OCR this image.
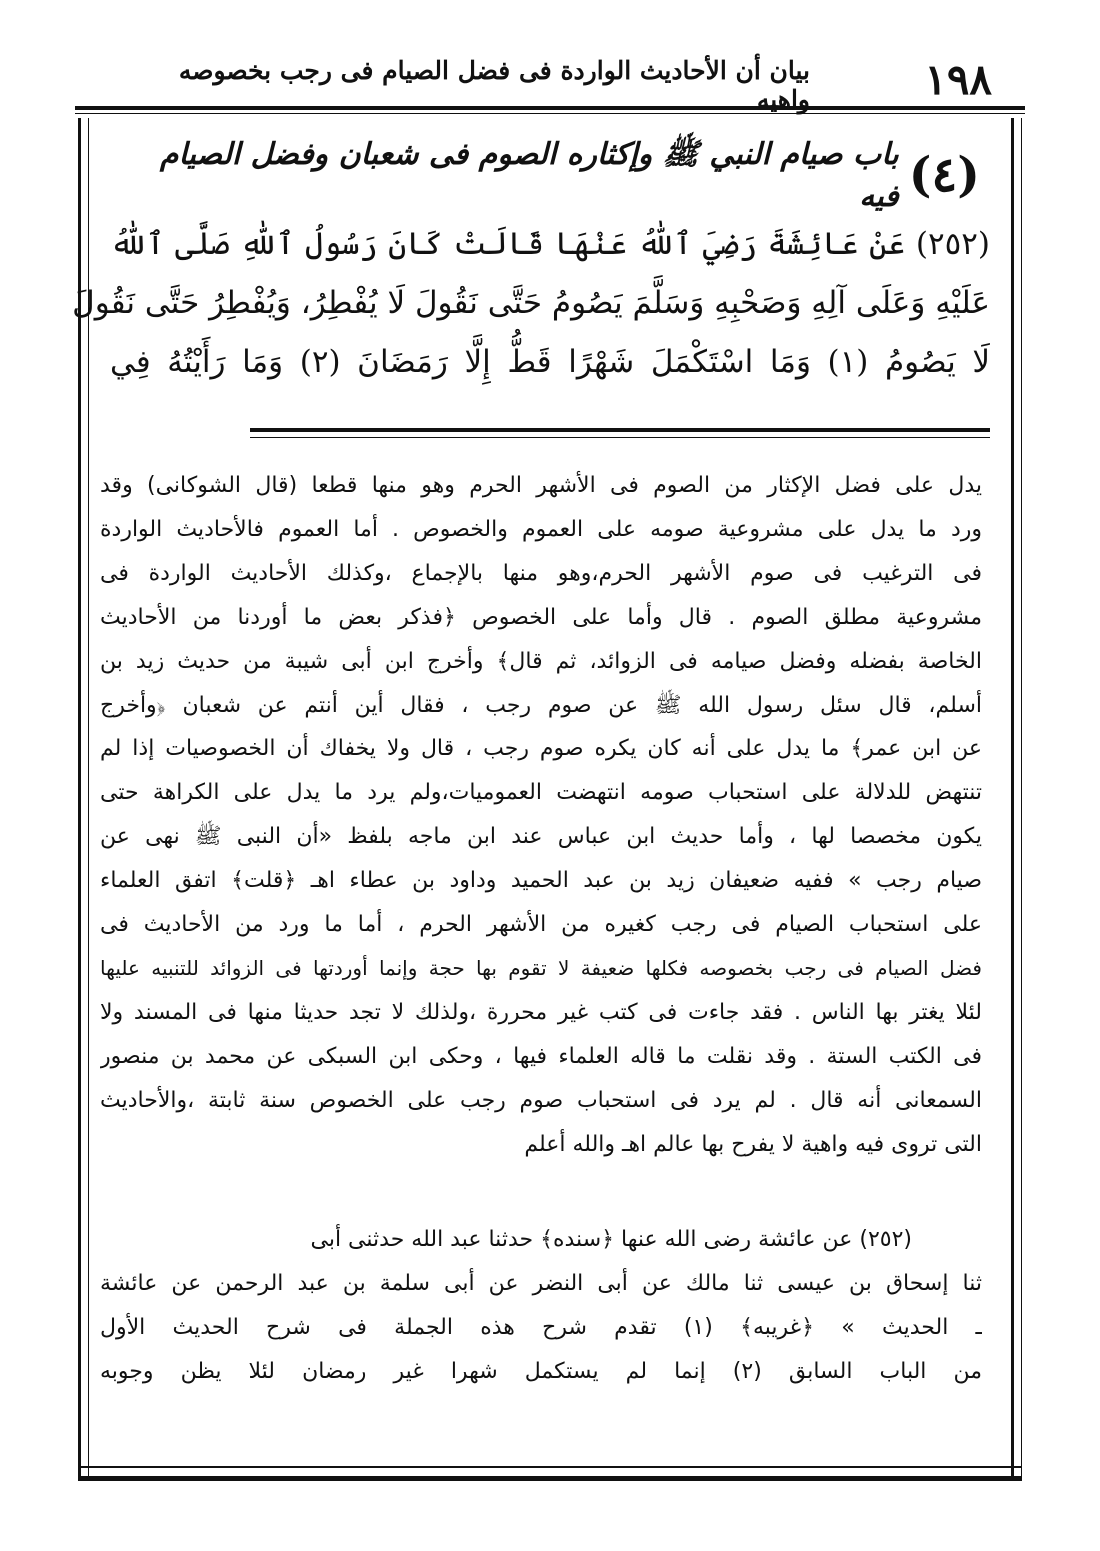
١٩٨
بيان أن الأحاديث الواردة فى فضل الصيام فى رجب بخصوصه واهيه
(٤)
باب صيام النبي ﷺ وإكثاره الصوم فى شعبان وفضل الصيام فيه

(٢٥٢) عَنْ عَائِشَةَ رَضِيَ ٱللّٰهُ عَنْهَا قَالَتْ كَانَ رَسُولُ ٱللّٰهِ صَلَّى ٱللّٰهُ

عَلَيْهِ وَعَلَى آلِهِ وَصَحْبِهِ وَسَلَّمَ يَصُومُ حَتَّى نَقُولَ لَا يُفْطِرُ، وَيُفْطِرُ حَتَّى نَقُولَ

لَا يَصُومُ (١) وَمَا اسْتَكْمَلَ شَهْرًا قَطُّ إِلَّا رَمَضَانَ (٢) وَمَا رَأَيْتُهُ فِي

يدل على فضل الإكثار من الصوم فى الأشهر الحرم وهو منها قطعا (قال الشوكانى) وقد

ورد ما يدل على مشروعية صومه على العموم والخصوص . أما العموم فالأحاديث الواردة

فى الترغيب فى صوم الأشهر الحرم،وهو منها بالإجماع ،وكذلك الأحاديث الواردة فى

مشروعية مطلق الصوم . قال وأما على الخصوص ﴿فذكر بعض ما أوردنا من الأحاديث

الخاصة بفضله وفضل صيامه فى الزوائد، ثم قال﴾ وأخرج ابن أبى شيبة من حديث زيد بن

أسلم، قال سئل رسول الله ﷺ عن صوم رجب ، فقال أين أنتم عن شعبان ﴿وأخرج

عن ابن عمر﴾ ما يدل على أنه كان يكره صوم رجب ، قال ولا يخفاك أن الخصوصيات إذا لم

تنتهض للدلالة على استحباب صومه انتهضت العموميات،ولم يرد ما يدل على الكراهة حتى

يكون مخصصا لها ، وأما حديث ابن عباس عند ابن ماجه بلفظ «أن النبى ﷺ نهى عن

صيام رجب » ففيه ضعيفان زيد بن عبد الحميد وداود بن عطاء اهـ ﴿قلت﴾ اتفق العلماء

على استحباب الصيام فى رجب كغيره من الأشهر الحرم ، أما ما ورد من الأحاديث فى

فضل الصيام فى رجب بخصوصه فكلها ضعيفة لا تقوم بها حجة وإنما أوردتها فى الزوائد للتنبيه عليها

لئلا يغتر بها الناس . فقد جاءت فى كتب غير محررة ،ولذلك لا تجد حديثا منها فى المسند ولا

فى الكتب الستة . وقد نقلت ما قاله العلماء فيها ، وحكى ابن السبكى عن محمد بن منصور

السمعانى أنه قال . لم يرد فى استحباب صوم رجب على الخصوص سنة ثابتة ،والأحاديث

التى تروى فيه واهية لا يفرح بها عالم اهـ والله أعلم

(٢٥٢) عن عائشة رضى الله عنها ﴿سنده﴾ حدثنا عبد الله حدثنى أبى

ثنا إسحاق بن عيسى ثنا مالك عن أبى النضر عن أبى سلمة بن عبد الرحمن عن عائشة

ـ الحديث » ﴿غريبه﴾ (١) تقدم شرح هذه الجملة فى شرح الحديث الأول

من الباب السابق (٢) إنما لم يستكمل شهرا غير رمضان لئلا يظن وجوبه
